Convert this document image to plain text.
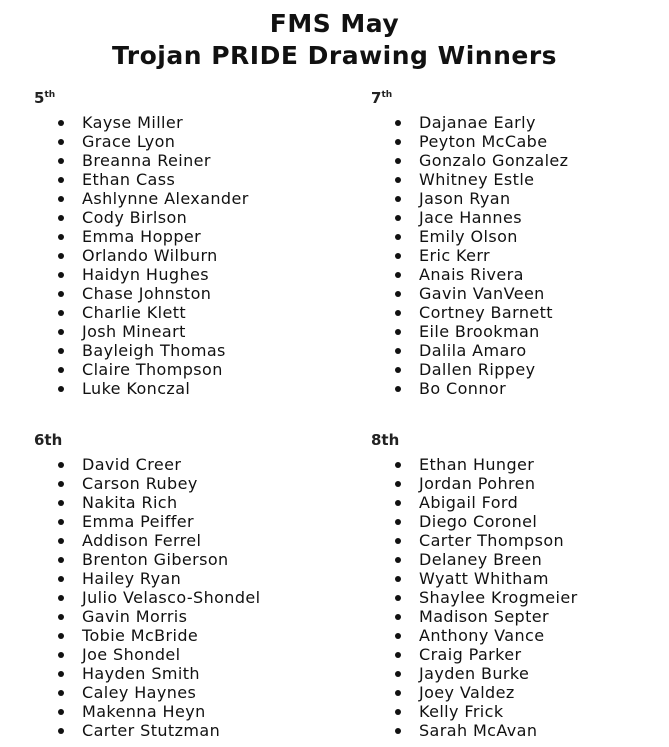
FMS May
Trojan PRIDE Drawing Winners
5th
Kayse Miller
Grace Lyon
Breanna Reiner
Ethan Cass
Ashlynne Alexander
Cody Birlson
Emma Hopper
Orlando Wilburn
Haidyn Hughes
Chase Johnston
Charlie Klett
Josh Mineart
Bayleigh Thomas
Claire Thompson
Luke Konczal
7th
Dajanae Early
Peyton McCabe
Gonzalo Gonzalez
Whitney Estle
Jason Ryan
Jace Hannes
Emily Olson
Eric Kerr
Anais Rivera
Gavin VanVeen
Cortney Barnett
Eile Brookman
Dalila Amaro
Dallen Rippey
Bo Connor
6th
David Creer
Carson Rubey
Nakita Rich
Emma Peiffer
Addison Ferrel
Brenton Giberson
Hailey Ryan
Julio Velasco-Shondel
Gavin Morris
Tobie McBride
Joe Shondel
Hayden Smith
Caley Haynes
Makenna Heyn
Carter Stutzman
8th
Ethan Hunger
Jordan Pohren
Abigail Ford
Diego Coronel
Carter Thompson
Delaney Breen
Wyatt Whitham
Shaylee Krogmeier
Madison Septer
Anthony Vance
Craig Parker
Jayden Burke
Joey Valdez
Kelly Frick
Sarah McAvan
